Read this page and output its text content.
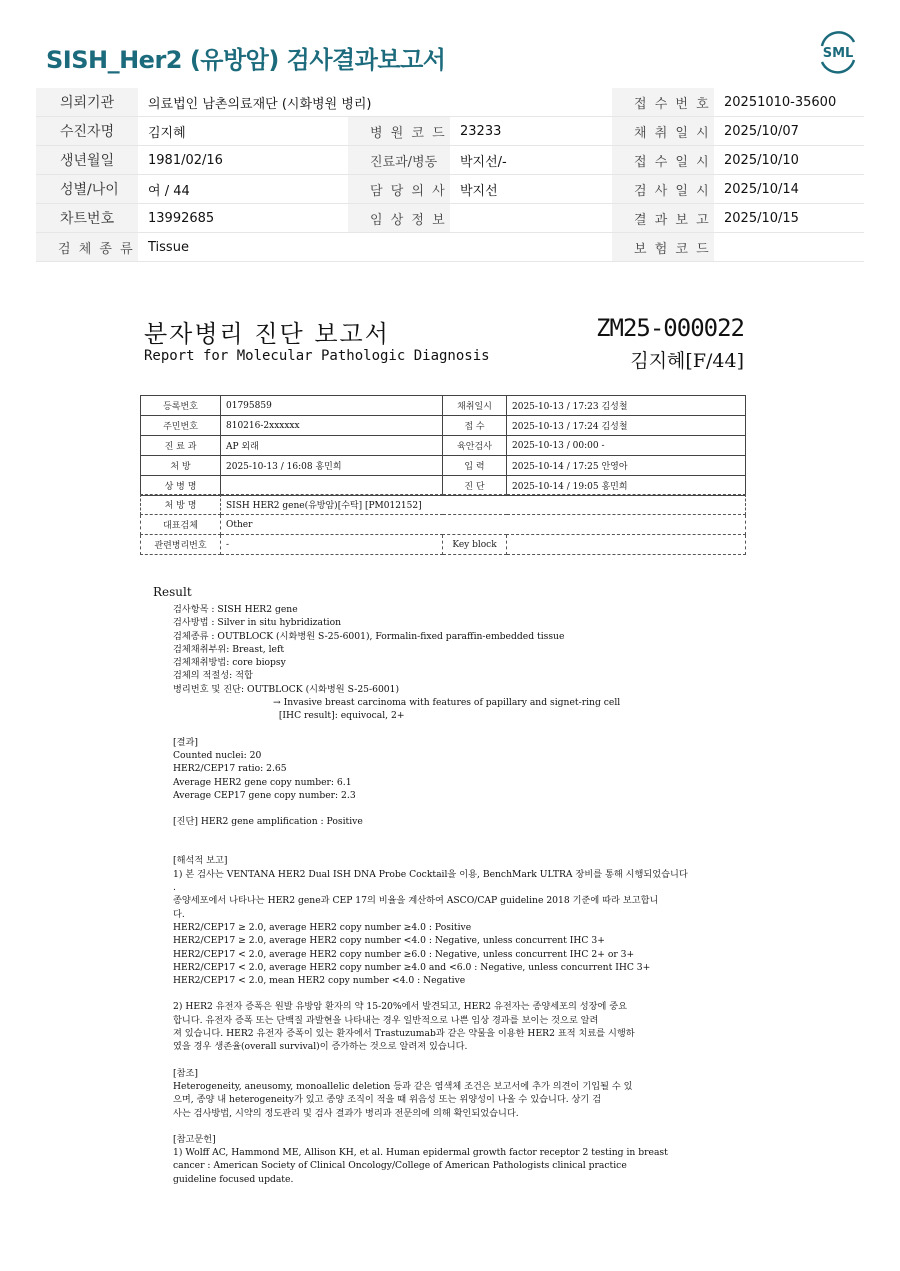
SISH_Her2 (유방암) 검사결과보고서	SML
의뢰기관	의료법인 남촌의료재단 (시화병원 병리)			접 수 번 호	20251010-35600
수진자명	김지혜	병 원 코 드	23233	채 취 일 시	2025/10/07
생년월일	1981/02/16	진료과/병동	박지선/-	접 수 일 시	2025/10/10
성별/나이	여 / 44	담 당 의 사	박지선	검 사 일 시	2025/10/14
차트번호	13992685	임 상 정 보		결 과 보 고	2025/10/15
검 체 종 류	Tissue			보 험 코 드	
분자병리 진단 보고서
Report for Molecular Pathologic Diagnosis
ZM25-000022
김지혜[F/44]
등록번호	01795859	채취일시	2025-10-13 / 17:23 김성철
주민번호	810216-2xxxxxx	접 수	2025-10-13 / 17:24 김성철
진 료 과	AP 외래	육안검사	2025-10-13 / 00:00 -
처 방	2025-10-13 / 16:08 홍민희	입 력	2025-10-14 / 17:25 안영아
상 병 명		진 단	2025-10-14 / 19:05 홍민희
처 방 명	SISH HER2 gene(유방암)[수탁] [PM012152]		
대표검체	Other		
관련병리번호	-	Key block	
Result
검사항목 : SISH HER2 gene
검사방법 : Silver in situ hybridization
검체종류 : OUTBLOCK (시화병원 S-25-6001), Formalin-fixed paraffin-embedded tissue
검체채취부위: Breast, left
검체채취방법: core biopsy
검체의 적절성: 적합
병리번호 및 진단: OUTBLOCK (시화병원 S-25-6001)
→ Invasive breast carcinoma with features of papillary and signet-ring cell
[IHC result]: equivocal, 2+
[결과]
Counted nuclei: 20
HER2/CEP17 ratio: 2.65
Average HER2 gene copy number: 6.1
Average CEP17 gene copy number: 2.3
[진단] HER2 gene amplification : Positive
[해석적 보고]
1) 본 검사는 VENTANA HER2 Dual ISH DNA Probe Cocktail을 이용, BenchMark ULTRA 장비를 통해 시행되었습니다
.
종양세포에서 나타나는 HER2 gene과 CEP 17의 비율을 계산하여 ASCO/CAP guideline 2018 기준에 따라 보고합니
다.
HER2/CEP17 ≥ 2.0, average HER2 copy number ≥4.0 : Positive
HER2/CEP17 ≥ 2.0, average HER2 copy number <4.0 : Negative, unless concurrent IHC 3+
HER2/CEP17 < 2.0, average HER2 copy number ≥6.0 : Negative, unless concurrent IHC 2+ or 3+
HER2/CEP17 < 2.0, average HER2 copy number ≥4.0 and <6.0 : Negative, unless concurrent IHC 3+
HER2/CEP17 < 2.0, mean HER2 copy number <4.0 : Negative
2) HER2 유전자 증폭은 원발 유방암 환자의 약 15-20%에서 발견되고, HER2 유전자는 종양세포의 성장에 중요
합니다. 유전자 증폭 또는 단백질 과발현을 나타내는 경우 일반적으로 나쁜 임상 경과를 보이는 것으로 알려
져 있습니다. HER2 유전자 증폭이 있는 환자에서 Trastuzumab과 같은 약물을 이용한 HER2 표적 치료를 시행하
였을 경우 생존율(overall survival)이 증가하는 것으로 알려져 있습니다.
[참조]
Heterogeneity, aneusomy, monoallelic deletion 등과 같은 염색체 조건은 보고서에 추가 의견이 기입될 수 있
으며, 종양 내 heterogeneity가 있고 종양 조직이 적을 때 위음성 또는 위양성이 나올 수 있습니다. 상기 검
사는 검사방법, 시약의 정도관리 및 검사 결과가 병리과 전문의에 의해 확인되었습니다.
[참고문헌]
1) Wolff AC, Hammond ME, Allison KH, et al. Human epidermal growth factor receptor 2 testing in breast
cancer : American Society of Clinical Oncology/College of American Pathologists clinical practice
guideline focused update.
